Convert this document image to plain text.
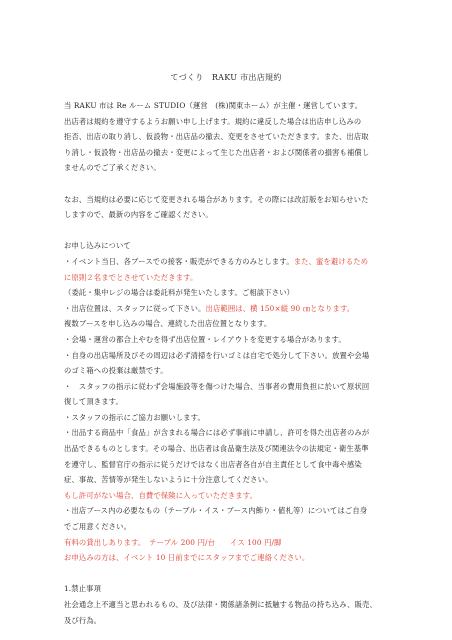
てづくり　RAKU 市出店規約

当 RAKU 市は Re ルーム STUDIO（運営　(株)関東ホーム）が主催・運営しています。

出店者は規約を遵守するようお願い申し上げます。規約に違反した場合は出店申し込みの

拒否、出店の取り消し、仮設物・出店品の撤去、変更をさせていただきます。また、出店取

り消し・仮設物・出店品の撤去・変更によって生じた出店者・および関係者の損害も補償し

ませんのでご了承ください。

なお、当規約は必要に応じて変更される場合があります。その際には改訂版をお知らせいた

しますので、最新の内容をご確認ください。

お申し込みについて

・イベント当日、各ブースでの接客・販売ができる方のみとします。また、蜜を避けるため

に原則２名までとさせていただきます。

（委託・集中レジの場合は委託料が発生いたします。ご相談下さい）

・出店位置は、スタッフに従って下さい。出店範囲は、横 150×縦 90 ㎝となります。

複数ブースを申し込みの場合、連続した出店位置となります。

・会場・運営の都合上やむを得ず出店位置・レイアウトを変更する場合があります。

・自身の出店場所及びその周辺は必ず清掃を行いゴミは自宅で処分して下さい。放置や会場

のゴミ箱への投棄は厳禁です。

・　スタッフの指示に従わず会場施設等を傷つけた場合、当事者の費用負担に於いて原状回

復して頂きます。

・スタッフの指示にご協力お願いします。

・出品する商品中「食品」が含まれる場合には必ず事前に申請し、許可を得た出店者のみが

出品できるものとします。その場合、出店者は食品衛生法及び関連法令の法規定・衛生基準

を遵守し、監督官庁の指示に従うだけではなく出店者各自が自主責任として食中毒や感染

症、事故、苦情等が発生しないように十分注意してください。

もし許可がない場合、自費で保険に入っていただきます。

・出店ブース内の必要なもの（テーブル・イス・ブース内飾り・値札等）についてはご自身

でご用意ください。

有料の貸出しあります。　テーブル 200 円/台　　イス 100 円/脚

お申込みの方は、イベント 10 日前までにスタッフまでご連絡ください。

1.禁止事項

社会通念上不適当と思われるもの、及び法律・関係諸条例に抵触する物品の持ち込み、販売、

及び行為。
